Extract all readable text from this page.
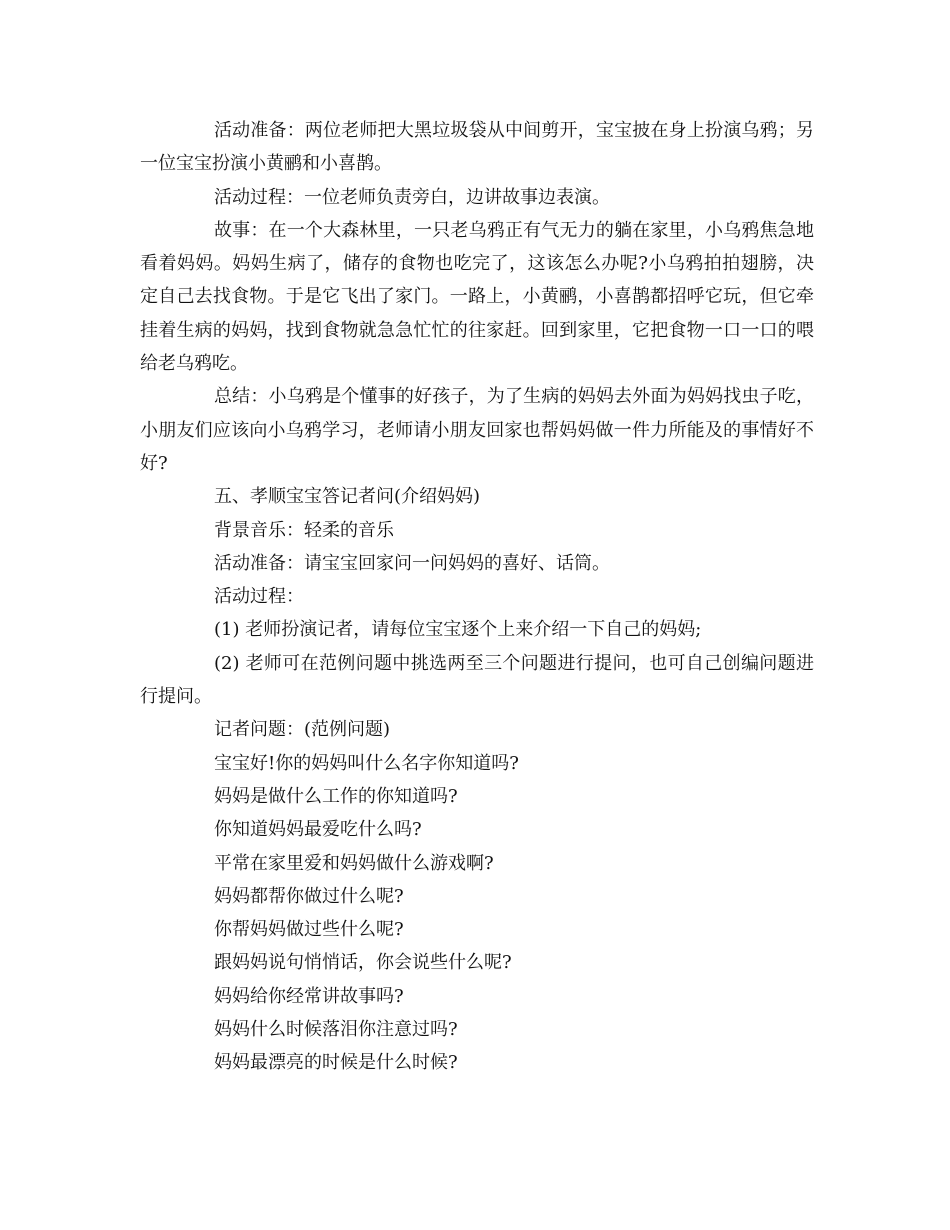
活动准备：两位老师把大黑垃圾袋从中间剪开，宝宝披在身上扮演乌鸦；另一位宝宝扮演小黄鹂和小喜鹊。

活动过程：一位老师负责旁白，边讲故事边表演。

故事：在一个大森林里，一只老乌鸦正有气无力的躺在家里，小乌鸦焦急地看着妈妈。妈妈生病了，储存的食物也吃完了，这该怎么办呢?小乌鸦拍拍翅膀，决定自己去找食物。于是它飞出了家门。一路上，小黄鹂，小喜鹊都招呼它玩，但它牵挂着生病的妈妈，找到食物就急急忙忙的往家赶。回到家里，它把食物一口一口的喂给老乌鸦吃。

总结：小乌鸦是个懂事的好孩子，为了生病的妈妈去外面为妈妈找虫子吃，小朋友们应该向小乌鸦学习，老师请小朋友回家也帮妈妈做一件力所能及的事情好不好?

五、孝顺宝宝答记者问(介绍妈妈)

背景音乐：轻柔的音乐

活动准备：请宝宝回家问一问妈妈的喜好、话筒。

活动过程：

(1) 老师扮演记者，请每位宝宝逐个上来介绍一下自己的妈妈;

(2) 老师可在范例问题中挑选两至三个问题进行提问，也可自己创编问题进行提问。

记者问题：(范例问题)

宝宝好!你的妈妈叫什么名字你知道吗?

妈妈是做什么工作的你知道吗?

你知道妈妈最爱吃什么吗?

平常在家里爱和妈妈做什么游戏啊?

妈妈都帮你做过什么呢?

你帮妈妈做过些什么呢?

跟妈妈说句悄悄话，你会说些什么呢?

妈妈给你经常讲故事吗?

妈妈什么时候落泪你注意过吗?

妈妈最漂亮的时候是什么时候?
